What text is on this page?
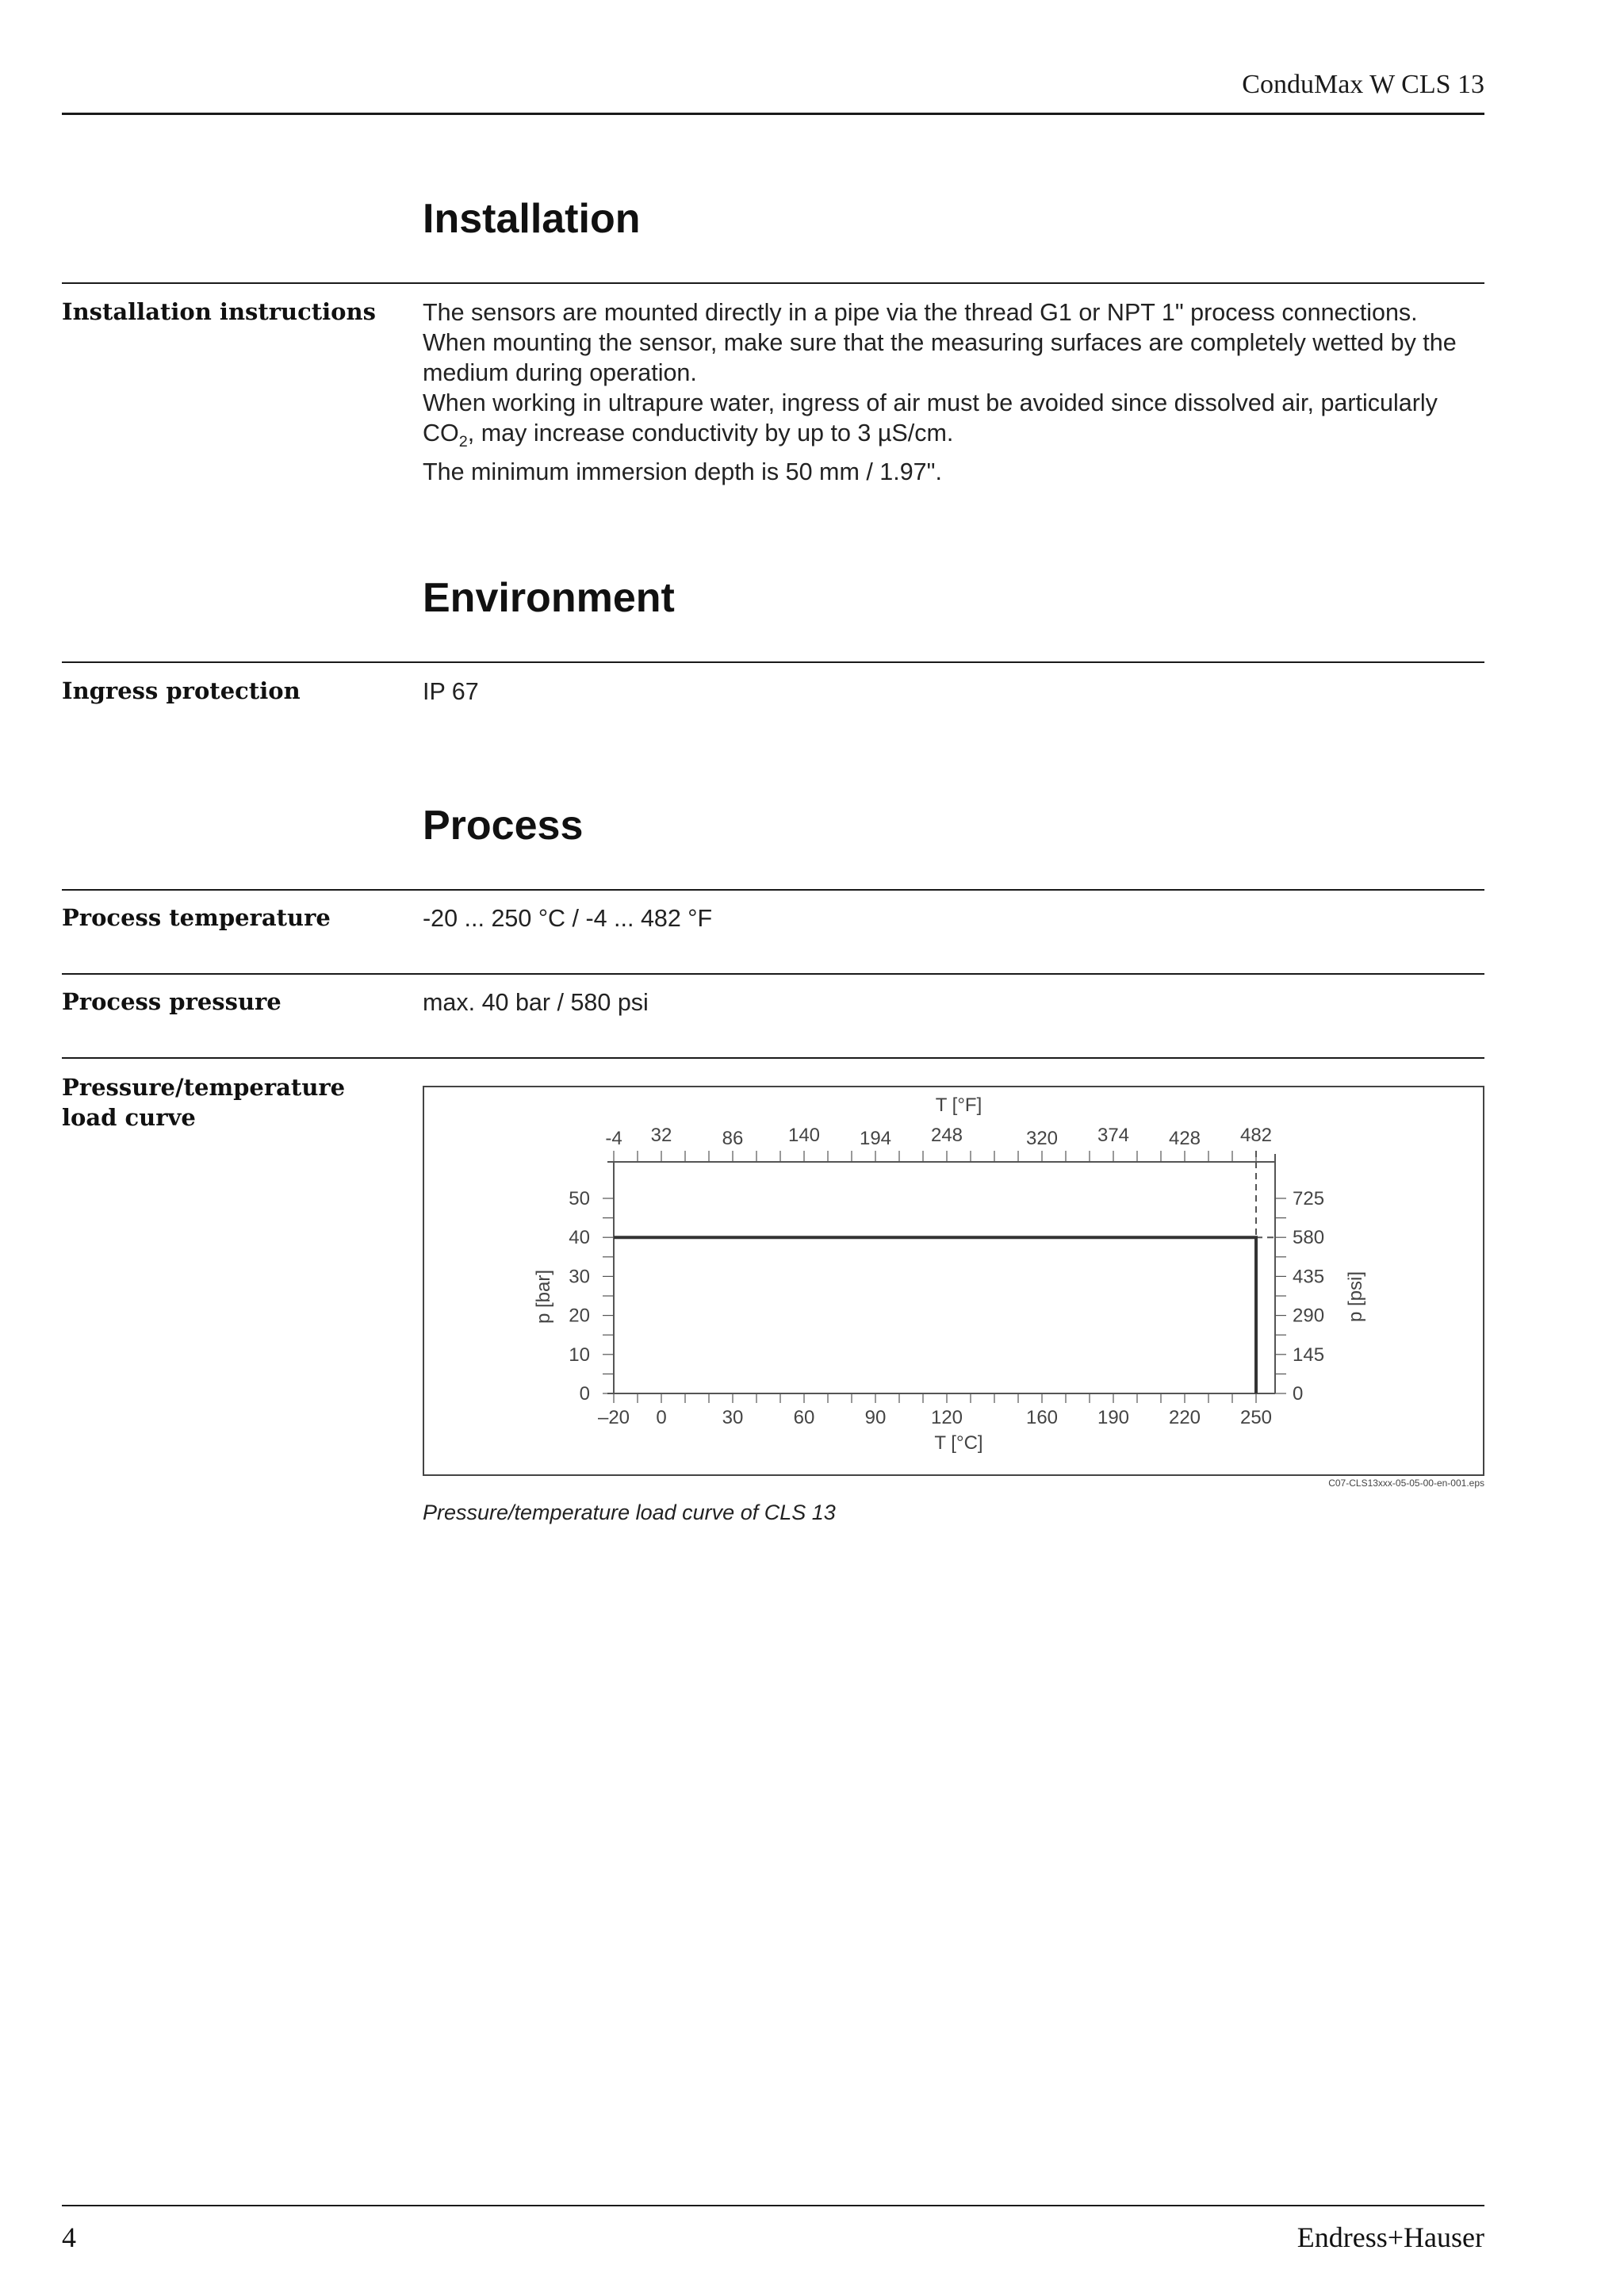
ConduMax W CLS 13
Installation
Installation instructions The sensors are mounted directly in a pipe via the thread G1 or NPT 1" process connections.

When mounting the sensor, make sure that the measuring surfaces are completely wetted by the

medium during operation.

When working in ultrapure water, ingress of air must be avoided since dissolved air, particularly

$CO_2$, may increase conductivity by up to 3 µS/cm.

The minimum immersion depth is 50 mm / 1.97".

Environment
Ingress protection	IP 67
Process
Process temperature	-20 ... 250 °C / -4 ... 482 °F
Process pressure	max. 40 bar / 580 psi
Pressure/temperature
load curve
–20 0	30	60	90 120	160 190 220 250
-4 32	86 140 194 248	320 374 428 482
T [°C]
T [°F]
0
10
20
30
40
50
0
145
290
435
580
725
p [bar]	p [psi]
C07-CLS13xxx-05-05-00-en-001.eps
Pressure/temperature load curve of CLS 13
4	Endress+Hauser
